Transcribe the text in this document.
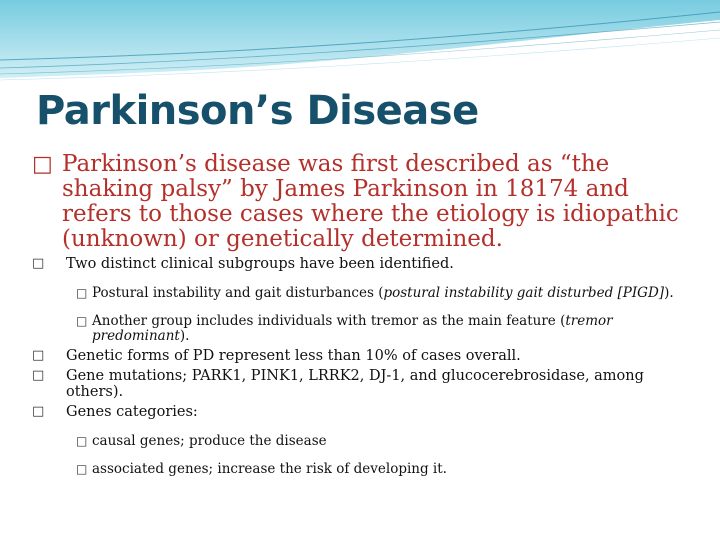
Parkinson’s Disease

□ Parkinson’s disease was first described as “the shaking palsy” by James Parkinson in 18174 and refers to those cases where the etiology is idiopathic (unknown) or genetically determined.

□ Two distinct clinical subgroups have been identified.

□ Postural instability and gait disturbances (postural instability gait disturbed [PIGD]).

□ Another group includes individuals with tremor as the main feature (tremor predominant).

□ Genetic forms of PD represent less than 10% of cases overall.

□ Gene mutations; PARK1, PINK1, LRRK2, DJ-1, and glucocerebrosidase, among others).

□ Genes categories:

□ causal genes; produce the disease

□ associated genes; increase the risk of developing it.
